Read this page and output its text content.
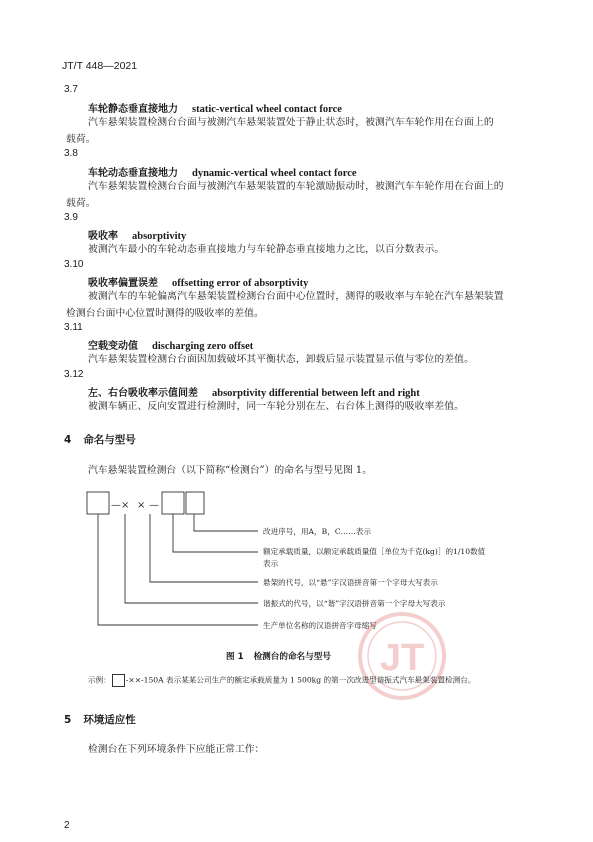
JT/T 448—2021
3.7
车轮静态垂直接地力 static-vertical wheel contact force
汽车悬架装置检测台台面与被测汽车悬架装置处于静止状态时，被测汽车车轮作用在台面上的
载荷。
3.8
车轮动态垂直接地力 dynamic-vertical wheel contact force
汽车悬架装置检测台台面与被测汽车悬架装置的车轮激励振动时，被测汽车车轮作用在台面上的
载荷。
3.9
吸收率 absorptivity
被测汽车最小的车轮动态垂直接地力与车轮静态垂直接地力之比，以百分数表示。
3.10
吸收率偏置误差 offsetting error of absorptivity
被测汽车的车轮偏离汽车悬架装置检测台台面中心位置时，测得的吸收率与车轮在汽车悬架装置
检测台台面中心位置时测得的吸收率的差值。
3.11
空载变动值 discharging zero offset
汽车悬架装置检测台台面因加载破坏其平衡状态，卸载后显示装置显示值与零位的差值。
3.12
左、右台吸收率示值间差 absorptivity differential between left and right
被测车辆正、反向安置进行检测时，同一车轮分别在左、右台体上测得的吸收率差值。
4 命名与型号
汽车悬架装置检测台（以下简称“检测台”）的命名与型号见图 1。
— × × —
改进序号，用A，B，C……表示
额定承载质量，以额定承载质量值［单位为千克(kg)］的1/10数值
表示
悬架的代号，以“悬”字汉语拼音第一个字母大写表示
谐振式的代号，以“谐”字汉语拼音第一个字母大写表示
生产单位名称的汉语拼音字母缩写
JT
图 1 检测台的命名与型号
示例： -××-150A 表示某某公司生产的额定承载质量为 1 500kg 的第一次改进型谐振式汽车悬架装置检测台。
5 环境适应性
检测台在下列环境条件下应能正常工作：
2
